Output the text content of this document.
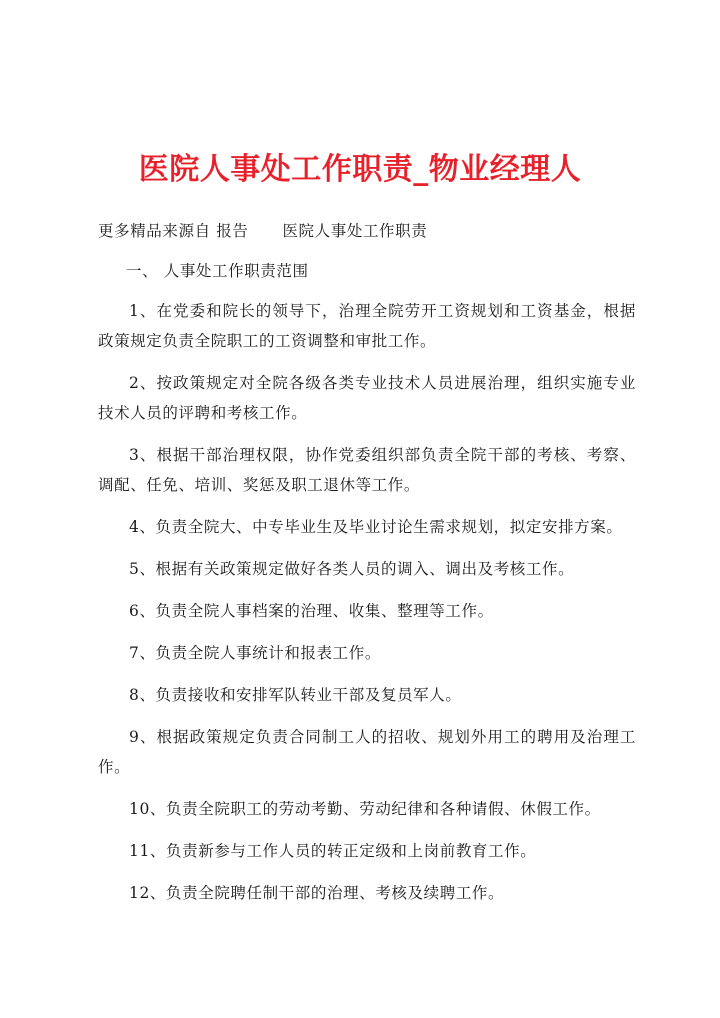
医院人事处工作职责_物业经理人

更多精品来源自 报告 医院人事处工作职责

一、 人事处工作职责范围

1、在党委和院长的领导下，治理全院劳开工资规划和工资基金，根据政策规定负责全院职工的工资调整和审批工作。

2、按政策规定对全院各级各类专业技术人员进展治理，组织实施专业技术人员的评聘和考核工作。

3、根据干部治理权限，协作党委组织部负责全院干部的考核、考察、调配、任免、培训、奖惩及职工退休等工作。

4、负责全院大、中专毕业生及毕业讨论生需求规划，拟定安排方案。

5、根据有关政策规定做好各类人员的调入、调出及考核工作。

6、负责全院人事档案的治理、收集、整理等工作。

7、负责全院人事统计和报表工作。

8、负责接收和安排军队转业干部及复员军人。

9、根据政策规定负责合同制工人的招收、规划外用工的聘用及治理工作。

10、负责全院职工的劳动考勤、劳动纪律和各种请假、休假工作。

11、负责新参与工作人员的转正定级和上岗前教育工作。

12、负责全院聘任制干部的治理、考核及续聘工作。
